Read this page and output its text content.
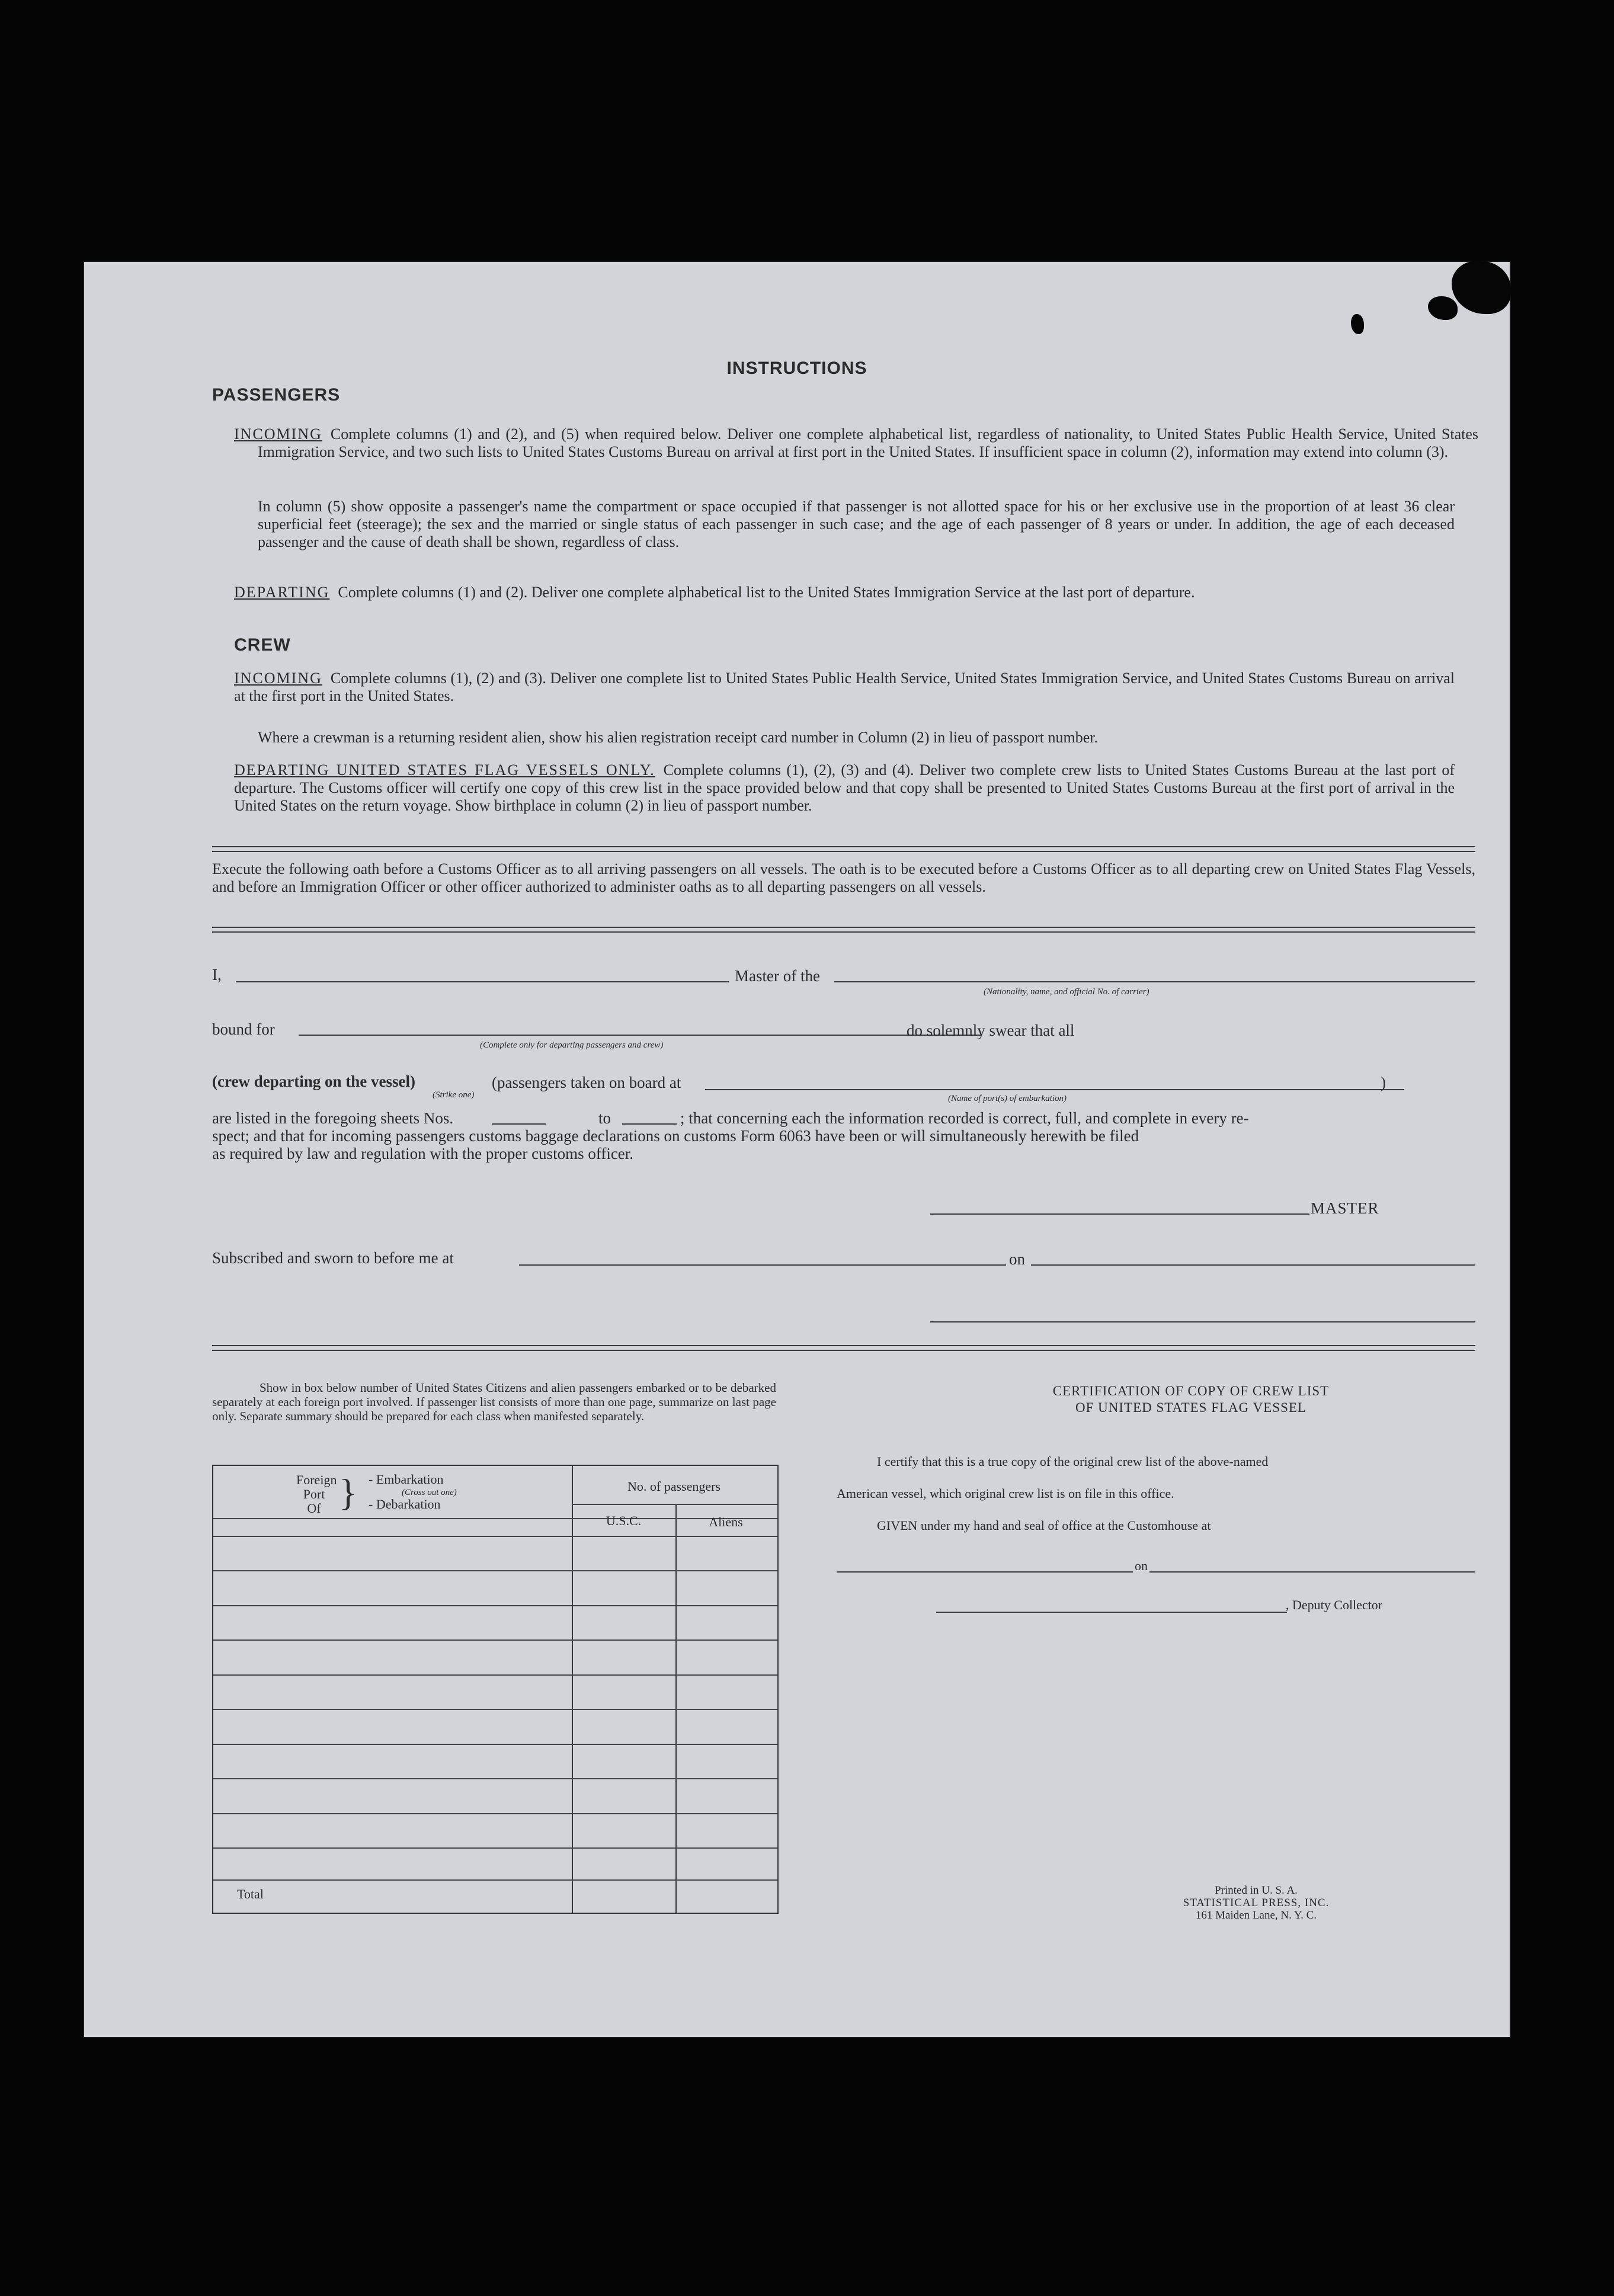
INSTRUCTIONS
PASSENGERS
INCOMING Complete columns (1) and (2), and (5) when required below. Deliver one complete alphabetical list, regardless of nationality, to United States Public Health Service, United States Immigration Service, and two such lists to United States Customs Bureau on arrival at first port in the United States. If insufficient space in column (2), information may extend into column (3).
In column (5) show opposite a passenger's name the compartment or space occupied if that passenger is not allotted space for his or her exclusive use in the proportion of at least 36 clear superficial feet (steerage); the sex and the married or single status of each passenger in such case; and the age of each passenger of 8 years or under. In addition, the age of each deceased passenger and the cause of death shall be shown, regardless of class.
DEPARTING Complete columns (1) and (2). Deliver one complete alphabetical list to the United States Immigration Service at the last port of departure.
CREW
INCOMING Complete columns (1), (2) and (3). Deliver one complete list to United States Public Health Service, United States Immigration Service, and United States Customs Bureau on arrival at the first port in the United States.
Where a crewman is a returning resident alien, show his alien registration receipt card number in Column (2) in lieu of passport number.
DEPARTING UNITED STATES FLAG VESSELS ONLY. Complete columns (1), (2), (3) and (4). Deliver two complete crew lists to United States Customs Bureau at the last port of departure. The Customs officer will certify one copy of this crew list in the space provided below and that copy shall be presented to United States Customs Bureau at the first port of arrival in the United States on the return voyage. Show birthplace in column (2) in lieu of passport number.
Execute the following oath before a Customs Officer as to all arriving passengers on all vessels. The oath is to be executed before a Customs Officer as to all departing crew on United States Flag Vessels, and before an Immigration Officer or other officer authorized to administer oaths as to all departing passengers on all vessels.
I,	Master of the
(Nationality, name, and official No. of carrier)
bound for
(Complete only for departing passengers and crew)
do solemnly swear that all
(crew departing on the vessel)
(Strike one)
(passengers taken on board at	)
(Name of port(s) of embarkation)
are listed in the foregoing sheets Nos.	to	; that concerning each the information recorded is correct, full, and complete in every re-
spect; and that for incoming passengers customs baggage declarations on customs Form 6063 have been or will simultaneously herewith be filed
as required by law and regulation with the proper customs officer.
MASTER
Subscribed and sworn to before me at	on
Show in box below number of United States Citizens and alien passengers embarked or to be debarked separately at each foreign port involved. If passenger list consists of more than one page, summarize on last page only. Separate summary should be prepared for each class when manifested separately.
Foreign
Port
Of } - Embarkation
(Cross out one)
- Debarkation
No. of passengers
U.S.C.	Aliens
Total
CERTIFICATION OF COPY OF CREW LIST
OF UNITED STATES FLAG VESSEL
I certify that this is a true copy of the original crew list of the above-named
American vessel, which original crew list is on file in this office.
GIVEN under my hand and seal of office at the Customhouse at
on
, Deputy Collector
Printed in U. S. A.
STATISTICAL PRESS, INC.
161 Maiden Lane, N. Y. C.
